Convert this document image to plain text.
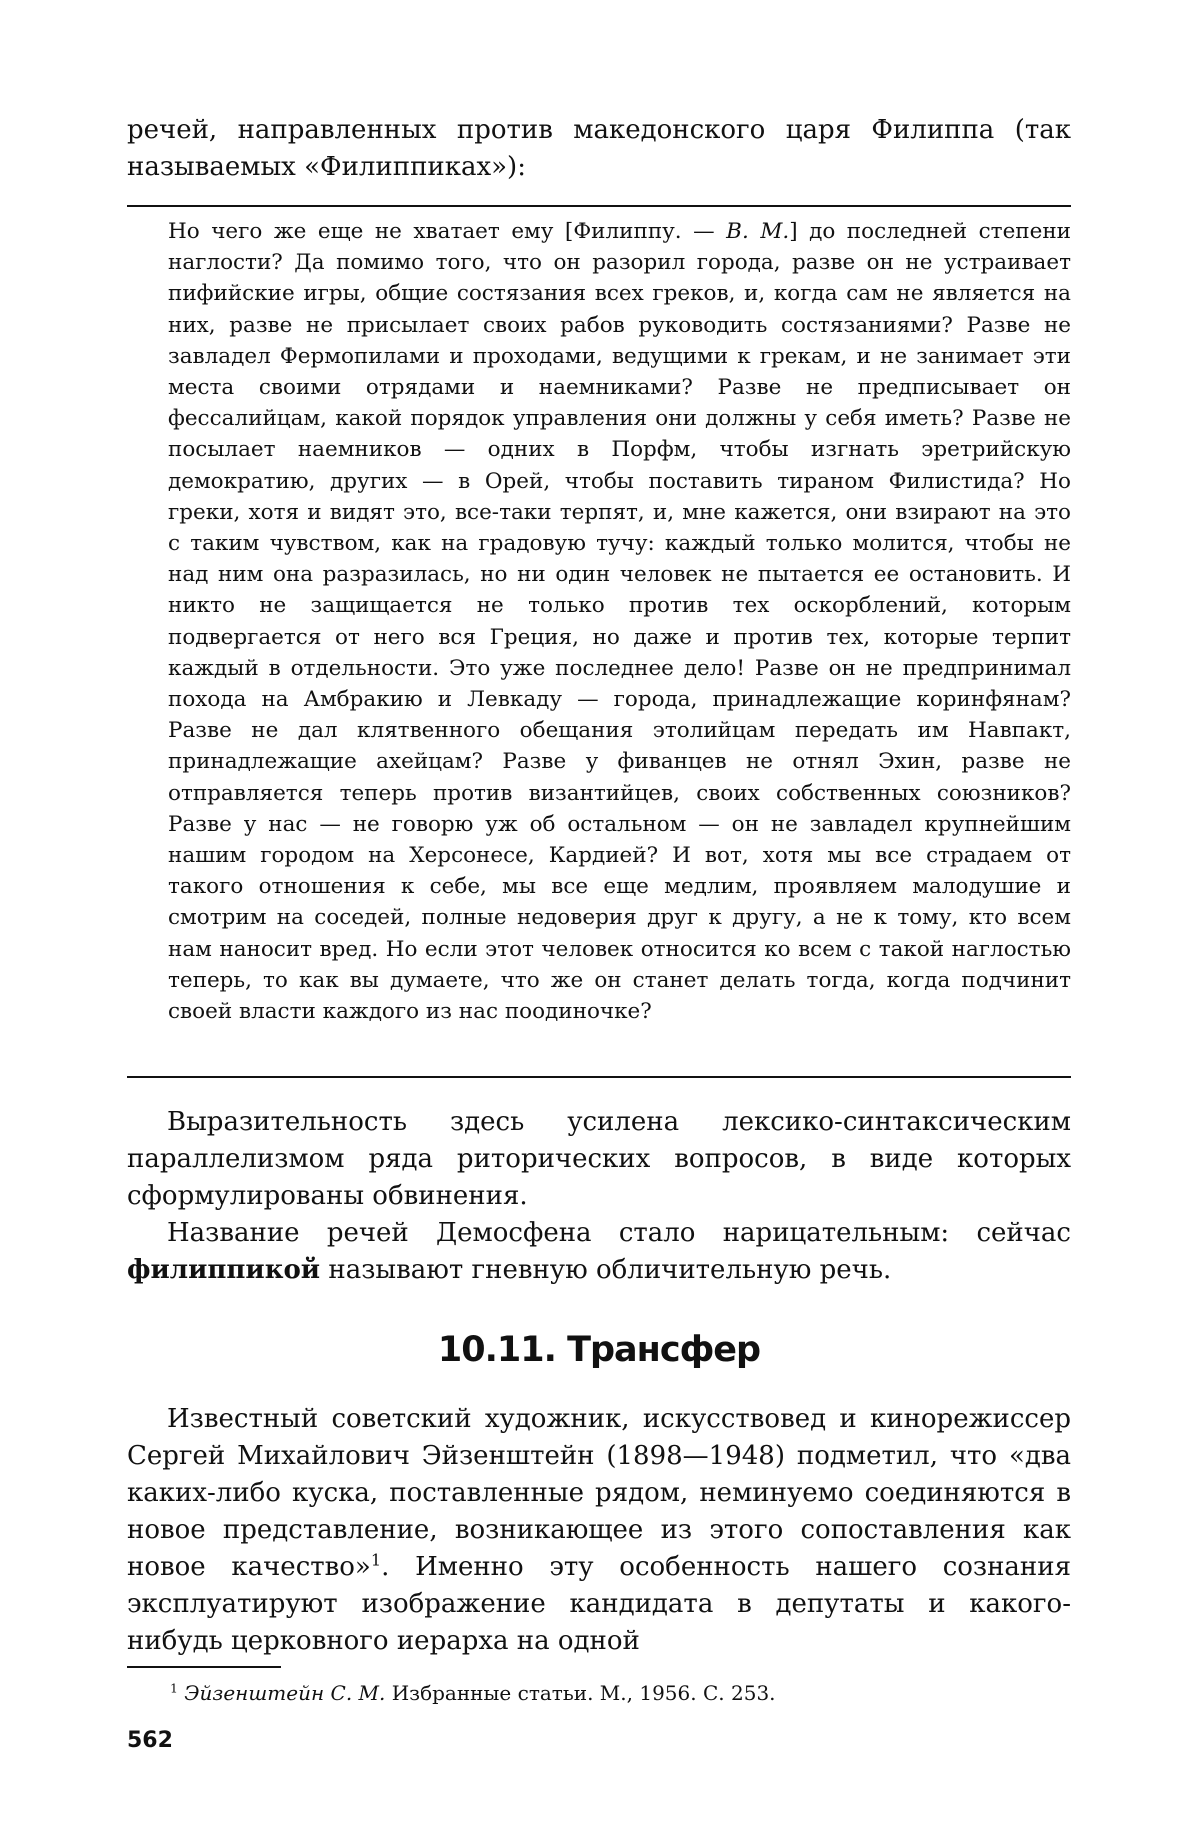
речей, направленных против македонского царя Филиппа (так называемых «Филиппиках»):

Но чего же еще не хватает ему [Филиппу. — В. М.] до последней степени наглости? Да помимо того, что он разорил города, разве он не устраивает пифийские игры, общие состязания всех греков, и, когда сам не является на них, разве не присылает своих рабов руководить состязаниями? Разве не завладел Фермопилами и проходами, ведущими к грекам, и не занимает эти места своими отрядами и наемниками? Разве не предписывает он фессалийцам, какой порядок управления они должны у себя иметь? Разве не посылает наемников — одних в Порфм, чтобы изгнать эретрийскую демократию, других — в Орей, чтобы поставить тираном Филистида? Но греки, хотя и видят это, все-таки терпят, и, мне кажется, они взирают на это с таким чувством, как на градовую тучу: каждый только молится, чтобы не над ним она разразилась, но ни один человек не пытается ее остановить. И никто не защищается не только против тех оскорблений, которым подвергается от него вся Греция, но даже и против тех, которые терпит каждый в отдельности. Это уже последнее дело! Разве он не предпринимал похода на Амбракию и Левкаду — города, принадлежащие коринфянам? Разве не дал клятвенного обещания этолийцам передать им Навпакт, принадлежащие ахейцам? Разве у фиванцев не отнял Эхин, разве не отправляется теперь против византийцев, своих собственных союзников? Разве у нас — не говорю уж об остальном — он не завладел крупнейшим нашим городом на Херсонесе, Кардией? И вот, хотя мы все страдаем от такого отношения к себе, мы все еще медлим, проявляем малодушие и смотрим на соседей, полные недоверия друг к другу, а не к тому, кто всем нам наносит вред. Но если этот человек относится ко всем с такой наглостью теперь, то как вы думаете, что же он станет делать тогда, когда подчинит своей власти каждого из нас поодиночке?

Выразительность здесь усилена лексико-синтаксическим параллелизмом ряда риторических вопросов, в виде которых сформулированы обвинения.

Название речей Демосфена стало нарицательным: сейчас филиппикой называют гневную обличительную речь.

10.11. Трансфер

Известный советский художник, искусствовед и кинорежиссер Сергей Михайлович Эйзенштейн (1898—1948) подметил, что «два каких-либо куска, поставленные рядом, неминуемо соединяются в новое представление, возникающее из этого сопоставления как новое качество»$^1$. Именно эту особенность нашего сознания эксплуатируют изображение кандидата в депутаты и какого-нибудь церковного иерарха на одной

$^1$ Эйзенштейн С. М. Избранные статьи. М., 1956. С. 253.

562
